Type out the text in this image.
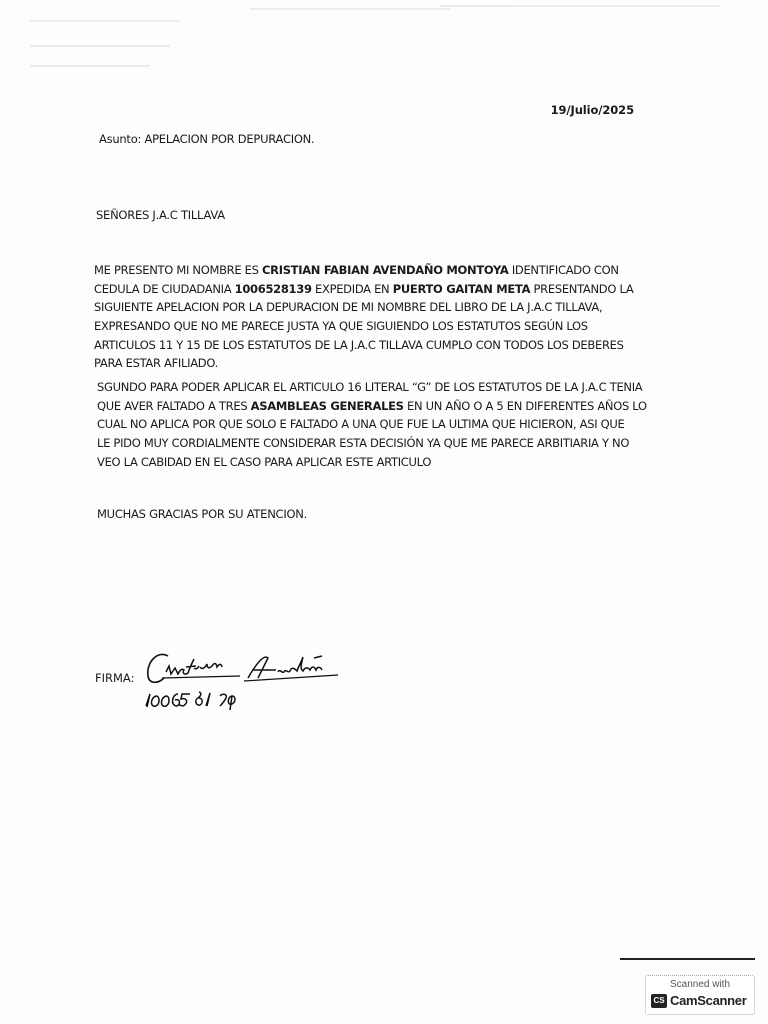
19/Julio/2025
Asunto: APELACION POR DEPURACION.
SEÑORES J.A.C TILLAVA
ME PRESENTO MI NOMBRE ES CRISTIAN FABIAN AVENDAÑO MONTOYA IDENTIFICADO CON
CEDULA DE CIUDADANIA 1006528139 EXPEDIDA EN PUERTO GAITAN META PRESENTANDO LA
SIGUIENTE APELACION POR LA DEPURACION DE MI NOMBRE DEL LIBRO DE LA J.A.C TILLAVA,
EXPRESANDO QUE NO ME PARECE JUSTA YA QUE SIGUIENDO LOS ESTATUTOS SEGÚN LOS
ARTICULOS 11 Y 15 DE LOS ESTATUTOS DE LA J.A.C TILLAVA CUMPLO CON TODOS LOS DEBERES
PARA ESTAR AFILIADO.
SGUNDO PARA PODER APLICAR EL ARTICULO 16 LITERAL “G” DE LOS ESTATUTOS DE LA J.A.C TENIA
QUE AVER FALTADO A TRES ASAMBLEAS GENERALES EN UN AÑO O A 5 EN DIFERENTES AÑOS LO
CUAL NO APLICA POR QUE SOLO E FALTADO A UNA QUE FUE LA ULTIMA QUE HICIERON, ASI QUE
LE PIDO MUY CORDIALMENTE CONSIDERAR ESTA DECISIÓN YA QUE ME PARECE ARBITIARIA Y NO
VEO LA CABIDAD EN EL CASO PARA APLICAR ESTE ARTICULO
MUCHAS GRACIAS POR SU ATENCION.
FIRMA:
Scanned with
CS CamScanner
